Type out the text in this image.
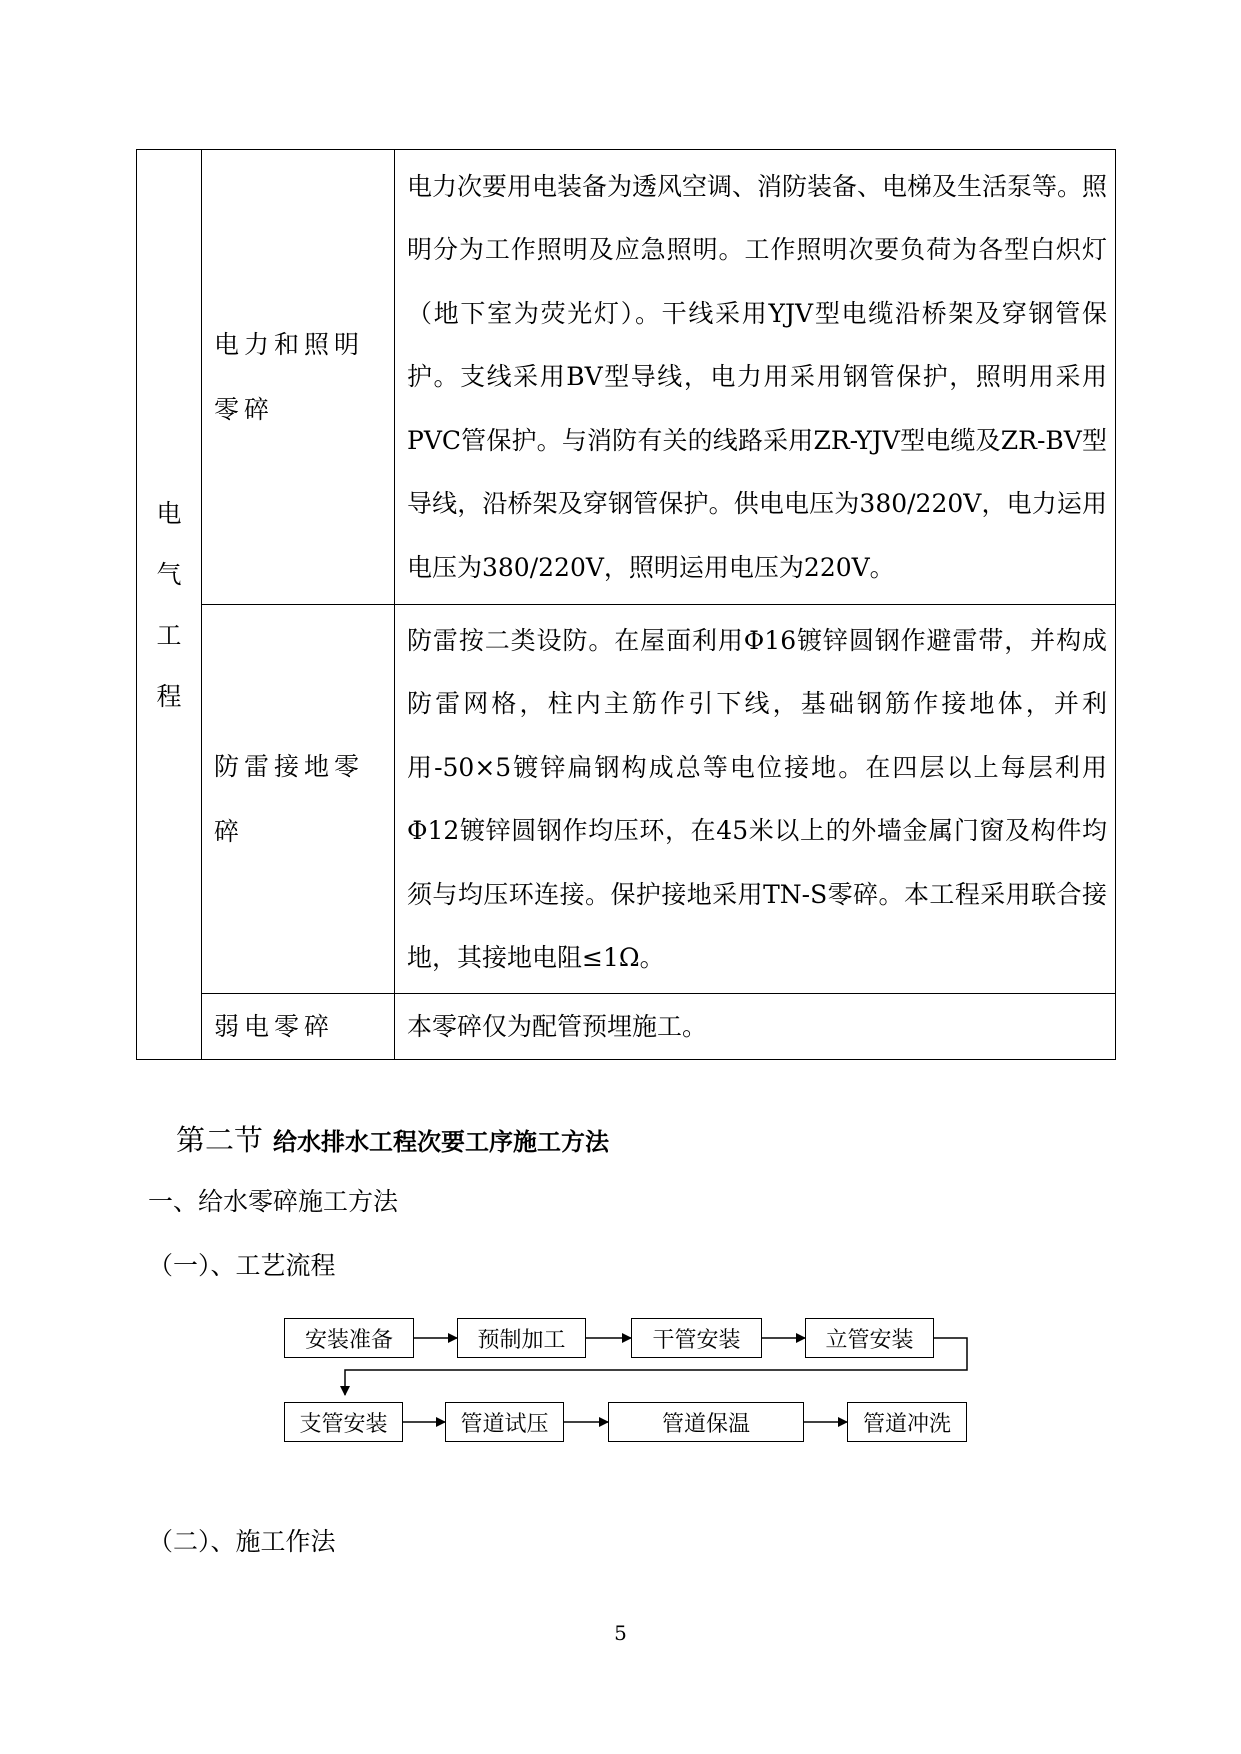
电
气
工
程	电力和照明零碎	电力次要用电装备为透风空调、消防装备、电梯及生活泵等。照明分为工作照明及应急照明。工作照明次要负荷为各型白炽灯（地下室为荧光灯）。干线采用YJV型电缆沿桥架及穿钢管保护。支线采用BV型导线，电力用采用钢管保护，照明用采用PVC管保护。与消防有关的线路采用ZR-YJV型电缆及ZR-BV型导线，沿桥架及穿钢管保护。供电电压为380/220V，电力运用电压为380/220V，照明运用电压为220V。
	防雷接地零碎	防雷按二类设防。在屋面利用Φ16镀锌圆钢作避雷带，并构成防雷网格，柱内主筋作引下线，基础钢筋作接地体，并利用-50×5镀锌扁钢构成总等电位接地。在四层以上每层利用Φ12镀锌圆钢作均压环，在45米以上的外墙金属门窗及构件均须与均压环连接。保护接地采用TN-S零碎。本工程采用联合接地，其接地电阻≤1Ω。
	弱电零碎	本零碎仅为配管预埋施工。
第二节 给水排水工程次要工序施工方法
一、给水零碎施工方法
（一）、工艺流程
安装准备	预制加工	干管安装	立管安装
支管安装	管道试压	管道保温	管道冲洗
（二）、施工作法
5
